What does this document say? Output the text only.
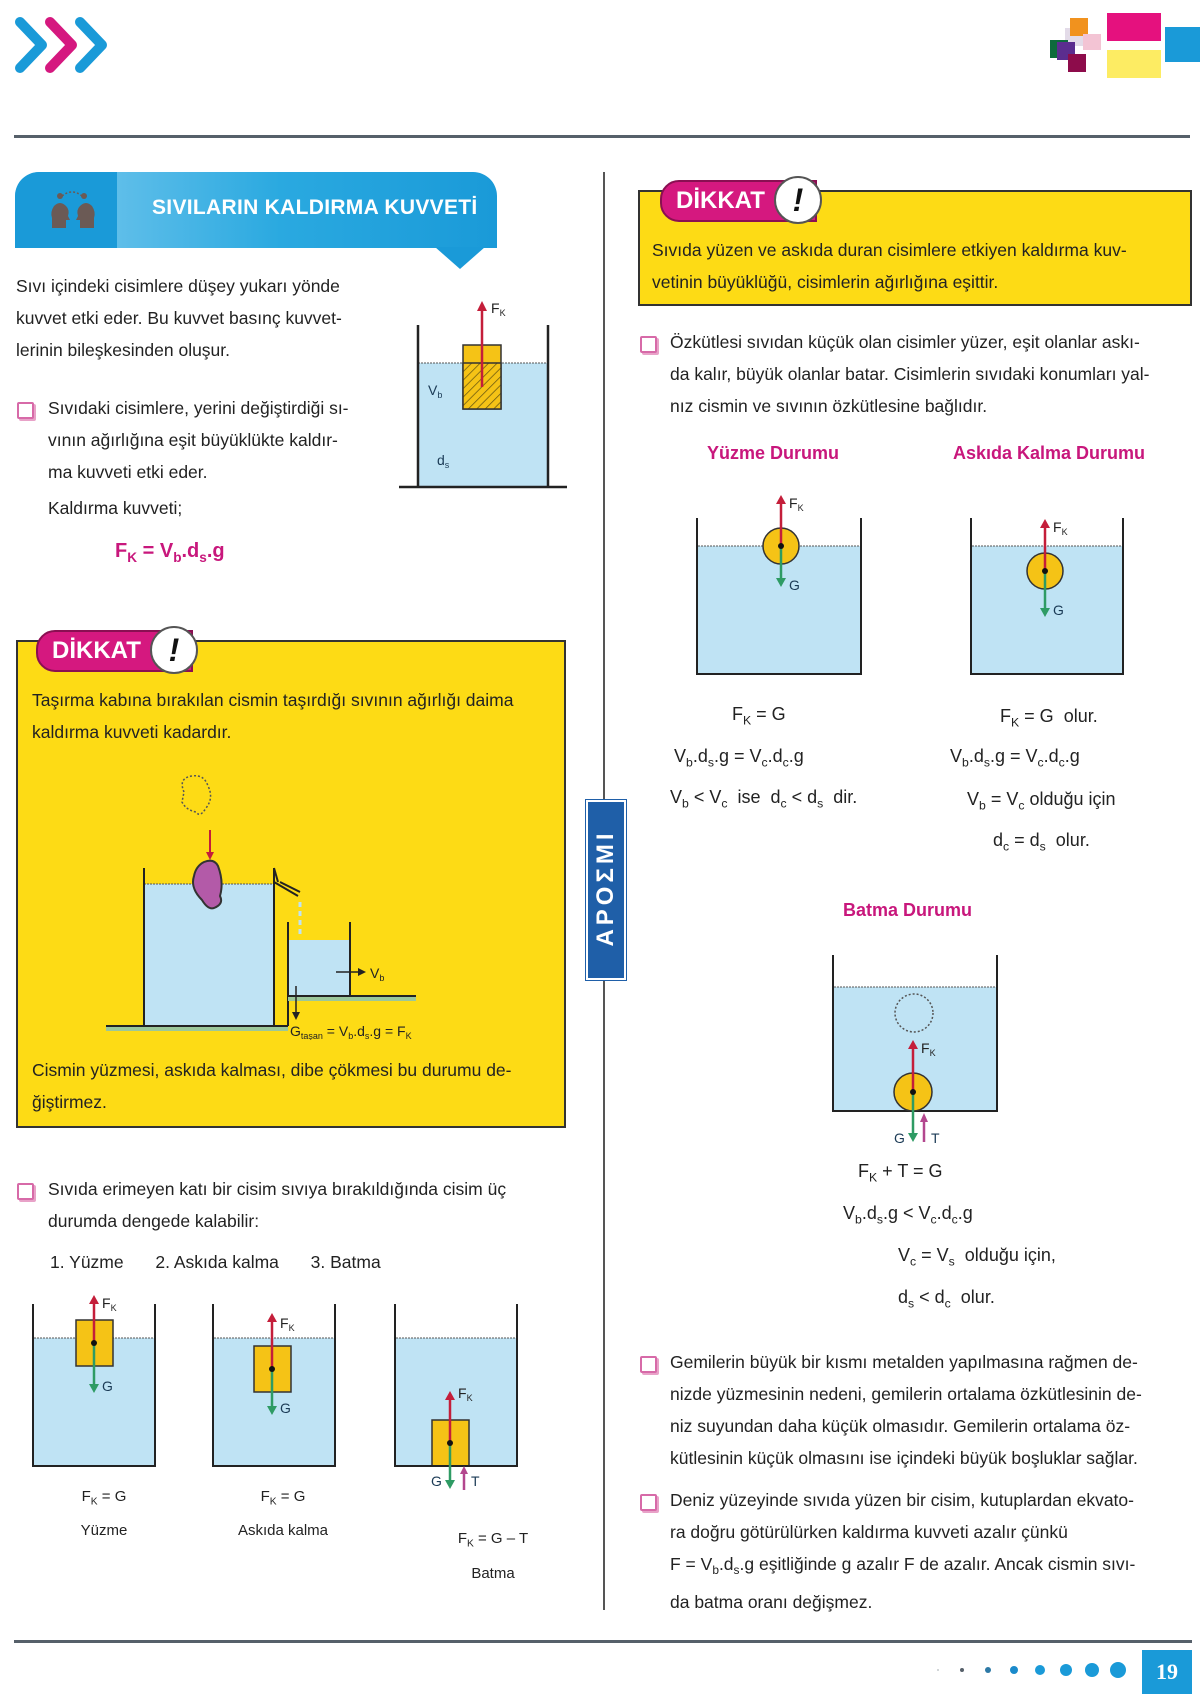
SIVILARIN KALDIRMA KUVVETİ
Sıvı içindeki cisimlere düşey yukarı yönde
kuvvet etki eder. Bu kuvvet basınç kuvvet-
lerinin bileşkesinden oluşur.
Sıvıdaki cisimlere, yerini değiştirdiği sı-
vının ağırlığına eşit büyüklükte kaldır-
ma kuvveti etki eder.
Kaldırma kuvveti;
$F_K = V_b.d_s.g$
$F_K$
$V_b$
$d_s$
DİKKAT !
Taşırma kabına bırakılan cismin taşırdığı sıvının ağırlığı daima
kaldırma kuvveti kadardır.
$V_b$
$G_{taşan} = V_b.d_s.g = F_K$
Cismin yüzmesi, askıda kalması, dibe çökmesi bu durumu de-
ğiştirmez.
Sıvıda erimeyen katı bir cisim sıvıya bırakıldığında cisim üç
durumda dengede kalabilir:
1. Yüzme 2. Askıda kalma 3. Batma
$F_K$
G
$F_K$
G
$F_K$
G T
$F_K = G$
Yüzme
$F_K = G$
Askıda kalma	$F_K = G - T$
Batma
APOΣMI
DİKKAT !
Sıvıda yüzen ve askıda duran cisimlere etkiyen kaldırma kuv-
vetinin büyüklüğü, cisimlerin ağırlığına eşittir.
Özkütlesi sıvıdan küçük olan cisimler yüzer, eşit olanlar askı-
da kalır, büyük olanlar batar. Cisimlerin sıvıdaki konumları yal-
nız cismin ve sıvının özkütlesine bağlıdır.
Yüzme Durumu	Askıda Kalma Durumu
$F_K$
G
$F_K$
G
$F_K = G$
$V_b.d_s.g = V_c.d_c.g$
$V_b < V_c$  ise  $d_c < d_s$  dir.
$F_K = G$  olur.
$V_b.d_s.g = V_c.d_c.g$
$V_b = V_c$ olduğu için
$d_c = d_s$  olur.
Batma Durumu
$F_K$
G T
$F_K + T = G$
$V_b.d_s.g < V_c.d_c.g$
$V_c = V_s$  olduğu için,
$d_s < d_c$  olur.
Gemilerin büyük bir kısmı metalden yapılmasına rağmen de-
nizde yüzmesinin nedeni, gemilerin ortalama özkütlesinin de-
niz suyundan daha küçük olmasıdır. Gemilerin ortalama öz-
kütlesinin küçük olmasını ise içindeki büyük boşluklar sağlar.
Deniz yüzeyinde sıvıda yüzen bir cisim, kutuplardan ekvato-
ra doğru götürülürken kaldırma kuvveti azalır çünkü
$F = V_b.d_s.g$ eşitliğinde g azalır F de azalır. Ancak cismin sıvı-
da batma oranı değişmez.
19
